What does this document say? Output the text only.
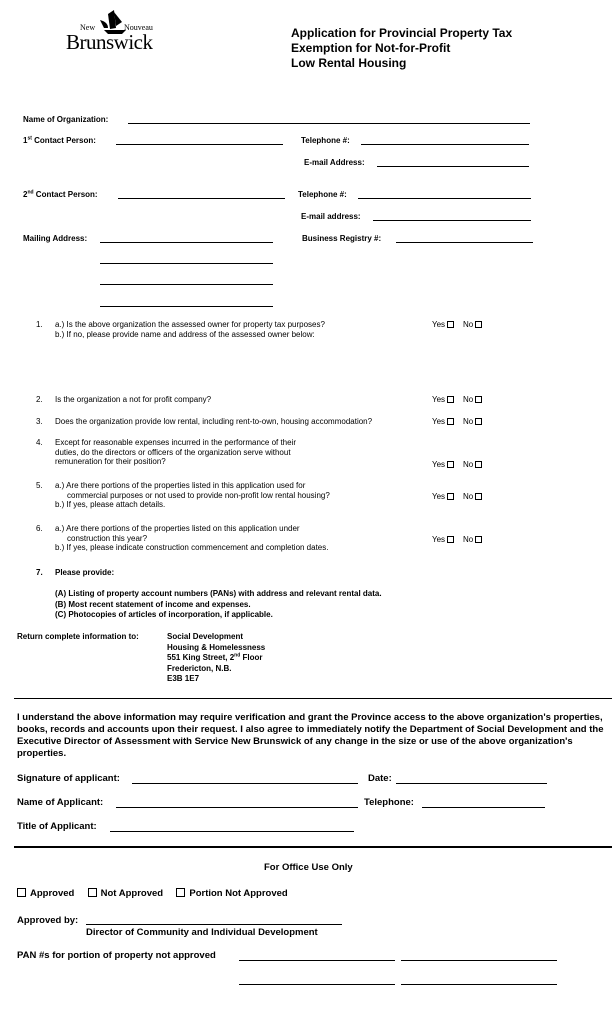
New	Nouveau
Brunswick	Application for Provincial Property Tax
Exemption for Not-for-Profit
Low Rental Housing
Name of Organization:
1st Contact Person:	Telephone #:
E-mail Address:
2nd Contact Person:	Telephone #:
E-mail address:
Mailing Address:	Business Registry #:
1. a.) Is the above organization the assessed owner for property tax purposes?
b.) If no, please provide name and address of the assessed owner below:
Yes No
2. Is the organization a not for profit company?	Yes No
3. Does the organization provide low rental, including rent-to-own, housing accommodation?	Yes No
4. Except for reasonable expenses incurred in the performance of their
duties, do the directors or officers of the organization serve without
remuneration for their position?	Yes No
5. a.) Are there portions of the properties listed in this application used for
commercial purposes or not used to provide non-profit low rental housing?
b.) If yes, please attach details.
Yes No
6. a.) Are there portions of the properties listed on this application under
construction this year?
b.) If yes, please indicate construction commencement and completion dates.
Yes No
7. Please provide:
(A) Listing of property account numbers (PANs) with address and relevant rental data.
(B) Most recent statement of income and expenses.
(C) Photocopies of articles of incorporation, if applicable.
Return complete information to:	Social Development
Housing & Homelessness
551 King Street, 2nd Floor
Fredericton, N.B.
E3B 1E7
I understand the above information may require verification and grant the Province access to the above organization's properties, books, records and accounts upon their request. I also agree to immediately notify the Department of Social Development and the Executive Director of Assessment with Service New Brunswick of any change in the size or use of the above organization's properties.
Signature of applicant:	Date:
Name of Applicant:	Telephone:
Title of Applicant:
For Office Use Only
Approved	Not Approved	Portion Not Approved
Approved by:
Director of Community and Individual Development
PAN #s for portion of property not approved
